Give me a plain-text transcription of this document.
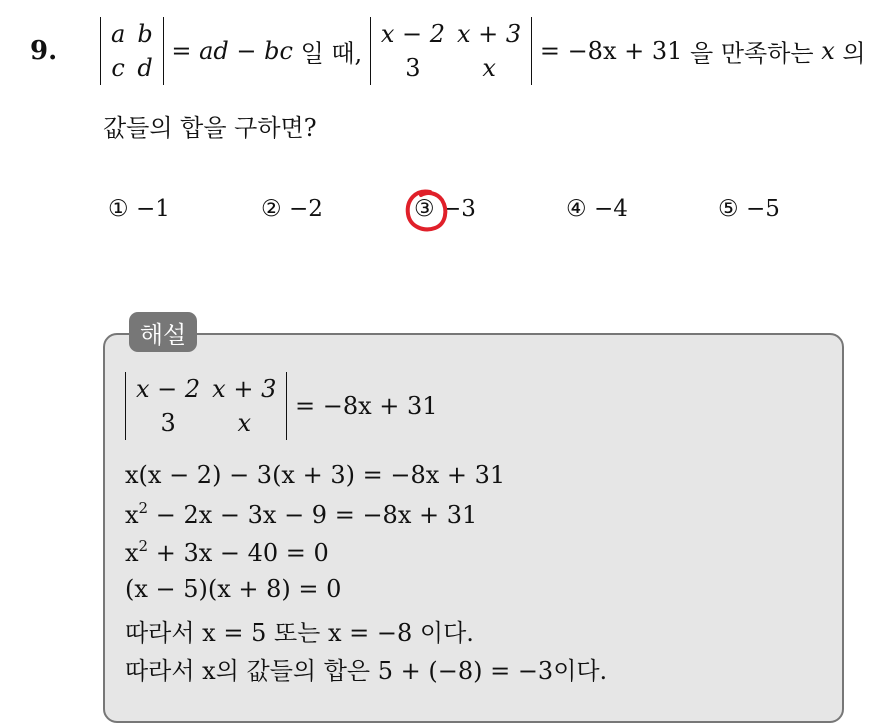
9.
a	b
c	d
= ad − bc 일 때,
x − 2	x + 3
3	x
= −8x + 31 을 만족하는 x 의
값들의 합을 구하면?
① −1	② −2	③ −3	④ −4	⑤ −5
해설
x − 2	x + 3
3	x
= −8x + 31
x(x − 2) − 3(x + 3) = −8x + 31
$x^2 - 2x - 3x - 9 = -8x + 31$
$x^2 + 3x - 40 = 0$
(x − 5)(x + 8) = 0
따라서 x = 5 또는 x = −8 이다.
따라서 x의 값들의 합은 5 + (−8) = −3이다.
